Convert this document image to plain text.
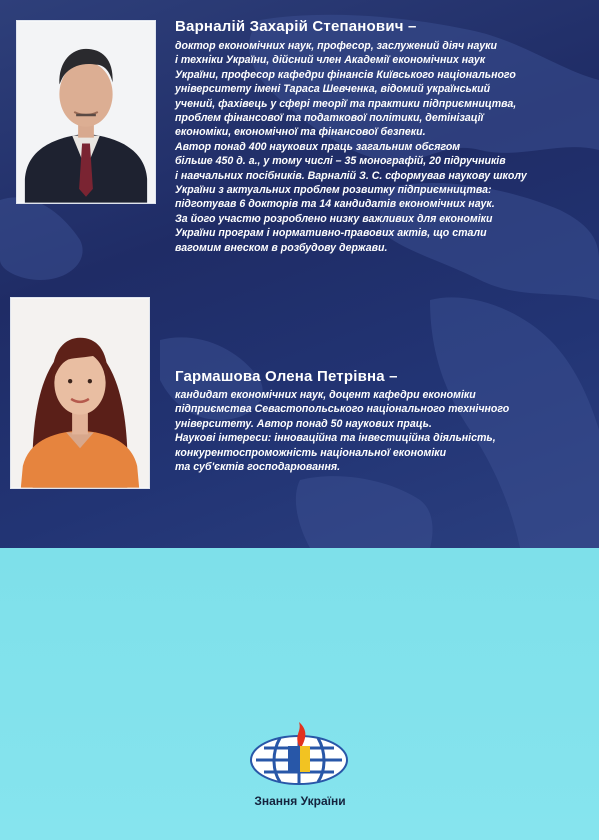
Варналій Захарій Степанович –
доктор економічних наук, професор, заслужений діяч науки
і техніки України, дійсний член Академії економічних наук
України, професор кафедри фінансів Київського національного
університету імені Тараса Шевченка, відомий український
учений, фахівець у сфері теорії та практики підприємництва,
проблем фінансової та податкової політики, детінізації
економіки, економічної та фінансової безпеки.
Автор понад 400 наукових праць загальним обсягом
більше 450 д. а., у тому числі – 35 монографій, 20 підручників
і навчальних посібників. Варналій З. С. сформував наукову школу
України з актуальних проблем розвитку підприємництва:
підготував 6 докторів та 14 кандидатів економічних наук.
За його участю розроблено низку важливих для економіки
України програм і нормативно-правових актів, що стали
вагомим внеском в розбудову держави.
Гармашова Олена Петрівна –
кандидат економічних наук, доцент кафедри економіки
підприємства Севастопольського національного технічного
університету. Автор понад 50 наукових праць.
Наукові інтереси: інноваційна та інвестиційна діяльність,
конкурентоспроможність національної економіки
та суб'єктів господарювання.

Знання України
